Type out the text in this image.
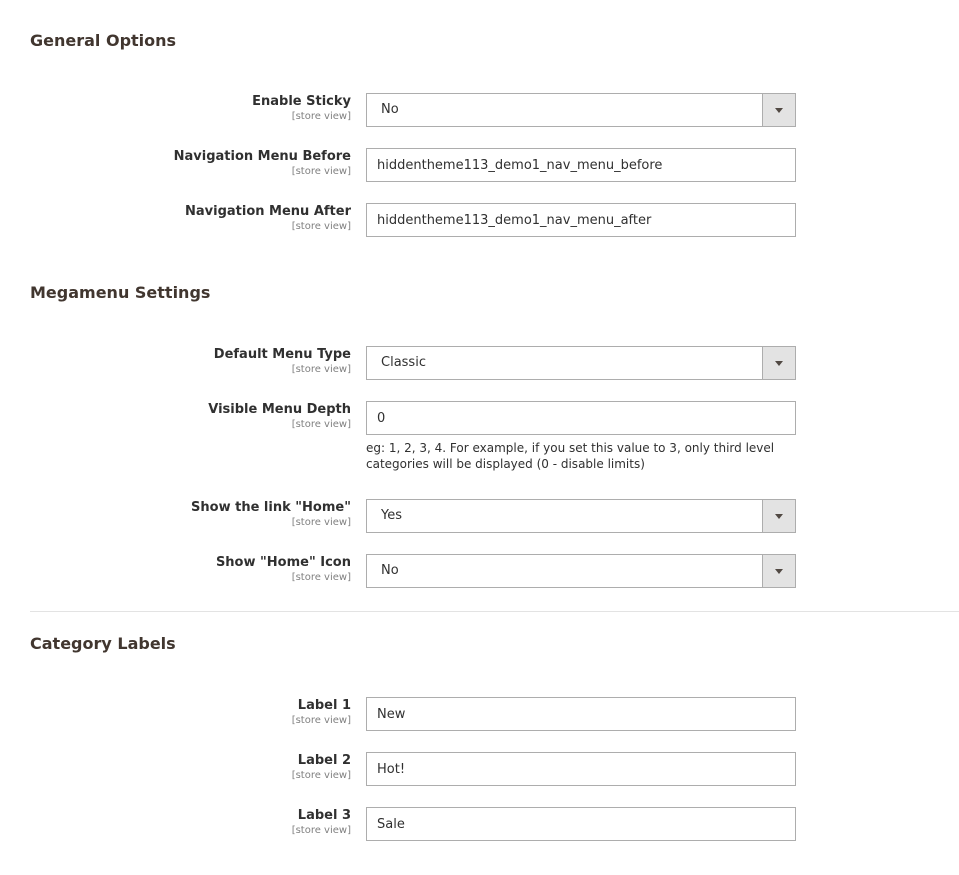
General Options
Enable Sticky
[store view] No
Navigation Menu Before
[store view]
hiddentheme113_demo1_nav_menu_before
Navigation Menu After
[store view]
hiddentheme113_demo1_nav_menu_after
Megamenu Settings
Default Menu Type
[store view] Classic
Visible Menu Depth
[store view]
0
eg: 1, 2, 3, 4. For example, if you set this value to 3, only third level categories will be displayed (0 - disable limits)
Show the link "Home"
[store view] Yes
Show "Home" Icon
[store view] No
Category Labels
Label 1
[store view]
New
Label 2
[store view]
Hot!
Label 3
[store view]
Sale
